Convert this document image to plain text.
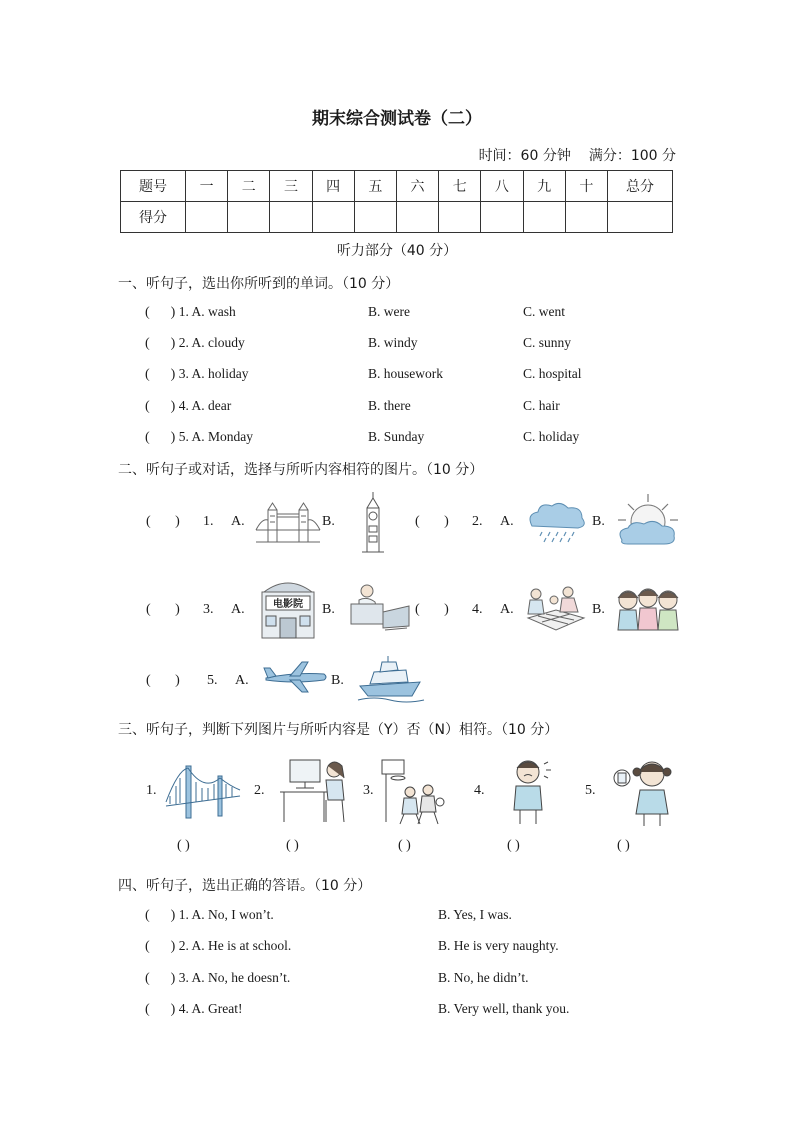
期末综合测试卷（二）
时间：60 分钟 满分：100 分
题号	一	二	三	四	五	六	七	八	九	十	总分
得分											
听力部分（40 分）
一、听句子，选出你所听到的单词。（10 分）
(      ) 1. A. wash	B. were	C. went
(      ) 2. A. cloudy	B. windy	C. sunny
(      ) 3. A. holiday	B. housework	C. hospital
(      ) 4. A. dear	B. there	C. hair
(      ) 5. A. Monday	B. Sunday	C. holiday
二、听句子或对话，选择与所听内容相符的图片。（10 分）
(       ) 1. A.	B.	(       ) 2. A.	B.
(       ) 3. A.	电影院 B.	(       ) 4. A.	B.
(       ) 5. A.	B.
三、听句子，判断下列图片与所听内容是（Y）否（N）相符。（10 分）
1.	2.	3.	4.	5.
( )	( )	( )	( )	( )
四、听句子，选出正确的答语。（10 分）
(      ) 1. A. No, I won’t.	B. Yes, I was.
(      ) 2. A. He is at school.	B. He is very naughty.
(      ) 3. A. No, he doesn’t.	B. No, he didn’t.
(      ) 4. A. Great!	B. Very well, thank you.
